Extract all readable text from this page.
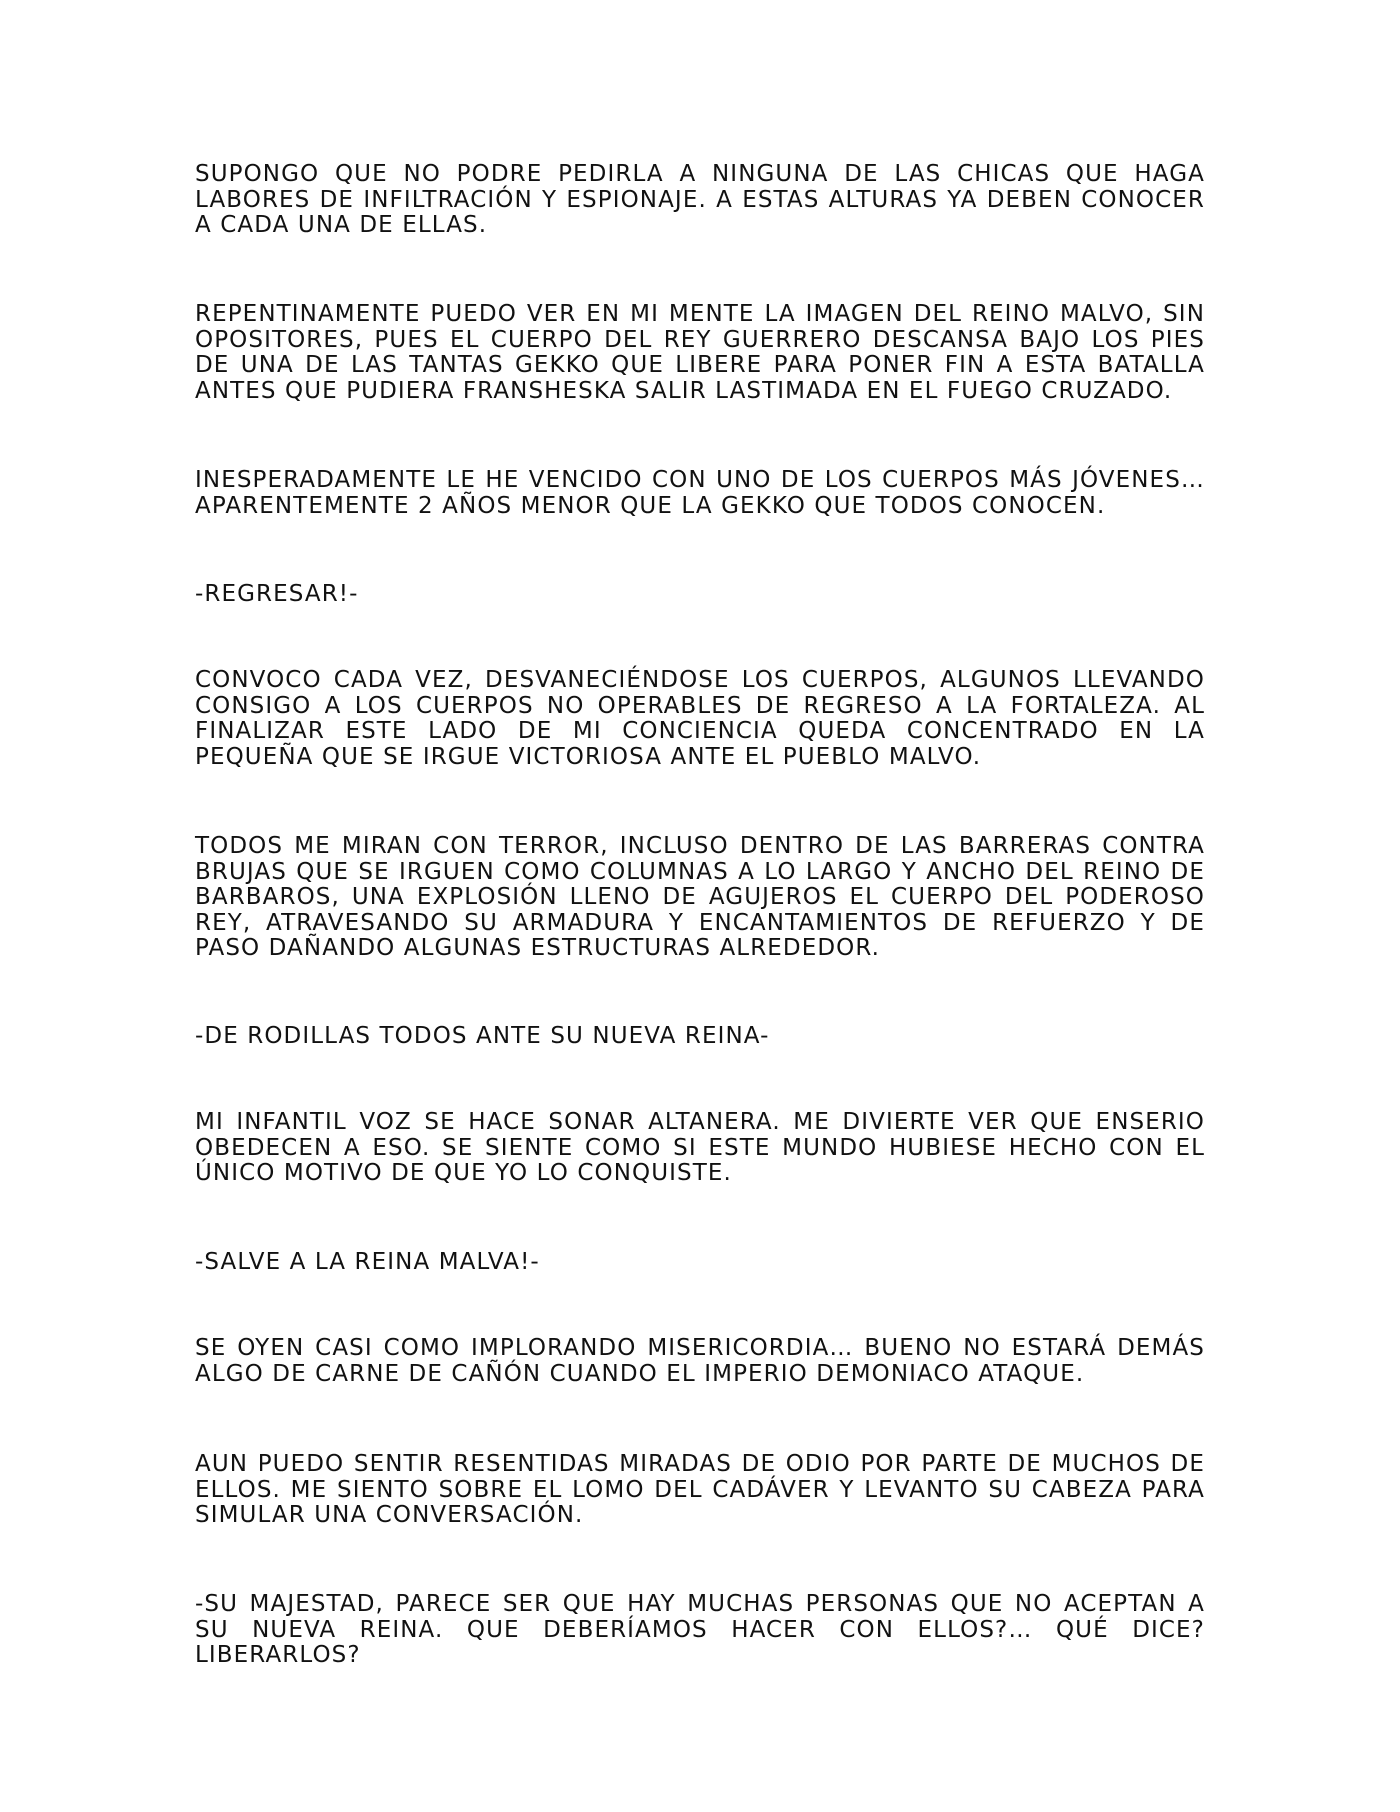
SUPONGO QUE NO PODRE PEDIRLA A NINGUNA DE LAS CHICAS QUE HAGA LABORES DE INFILTRACIÓN Y ESPIONAJE. A ESTAS ALTURAS YA DEBEN CONOCER A CADA UNA DE ELLAS.

REPENTINAMENTE PUEDO VER EN MI MENTE LA IMAGEN DEL REINO MALVO, SIN OPOSITORES, PUES EL CUERPO DEL REY GUERRERO DESCANSA BAJO LOS PIES DE UNA DE LAS TANTAS GEKKO QUE LIBERE PARA PONER FIN A ESTA BATALLA ANTES QUE PUDIERA FRANSHESKA SALIR LASTIMADA EN EL FUEGO CRUZADO.

INESPERADAMENTE LE HE VENCIDO CON UNO DE LOS CUERPOS MÁS JÓVENES… APARENTEMENTE 2 AÑOS MENOR QUE LA GEKKO QUE TODOS CONOCEN.

-REGRESAR!-

CONVOCO CADA VEZ, DESVANECIÉNDOSE LOS CUERPOS, ALGUNOS LLEVANDO CONSIGO A LOS CUERPOS NO OPERABLES DE REGRESO A LA FORTALEZA. AL FINALIZAR ESTE LADO DE MI CONCIENCIA QUEDA CONCENTRADO EN LA PEQUEÑA QUE SE IRGUE VICTORIOSA ANTE EL PUEBLO MALVO.

TODOS ME MIRAN CON TERROR, INCLUSO DENTRO DE LAS BARRERAS CONTRA BRUJAS QUE SE IRGUEN COMO COLUMNAS A LO LARGO Y ANCHO DEL REINO DE BARBAROS, UNA EXPLOSIÓN LLENO DE AGUJEROS EL CUERPO DEL PODEROSO REY, ATRAVESANDO SU ARMADURA Y ENCANTAMIENTOS DE REFUERZO Y DE PASO DAÑANDO ALGUNAS ESTRUCTURAS ALREDEDOR.

-DE RODILLAS TODOS ANTE SU NUEVA REINA-

MI INFANTIL VOZ SE HACE SONAR ALTANERA. ME DIVIERTE VER QUE ENSERIO OBEDECEN A ESO. SE SIENTE COMO SI ESTE MUNDO HUBIESE HECHO CON EL ÚNICO MOTIVO DE QUE YO LO CONQUISTE.

-SALVE A LA REINA MALVA!-

SE OYEN CASI COMO IMPLORANDO MISERICORDIA… BUENO NO ESTARÁ DEMÁS ALGO DE CARNE DE CAÑÓN CUANDO EL IMPERIO DEMONIACO ATAQUE.

AUN PUEDO SENTIR RESENTIDAS MIRADAS DE ODIO POR PARTE DE MUCHOS DE ELLOS. ME SIENTO SOBRE EL LOMO DEL CADÁVER Y LEVANTO SU CABEZA PARA SIMULAR UNA CONVERSACIÓN.

-SU MAJESTAD, PARECE SER QUE HAY MUCHAS PERSONAS QUE NO ACEPTAN A SU NUEVA REINA. QUE DEBERÍAMOS HACER CON ELLOS?… QUÉ DICE? LIBERARLOS?
